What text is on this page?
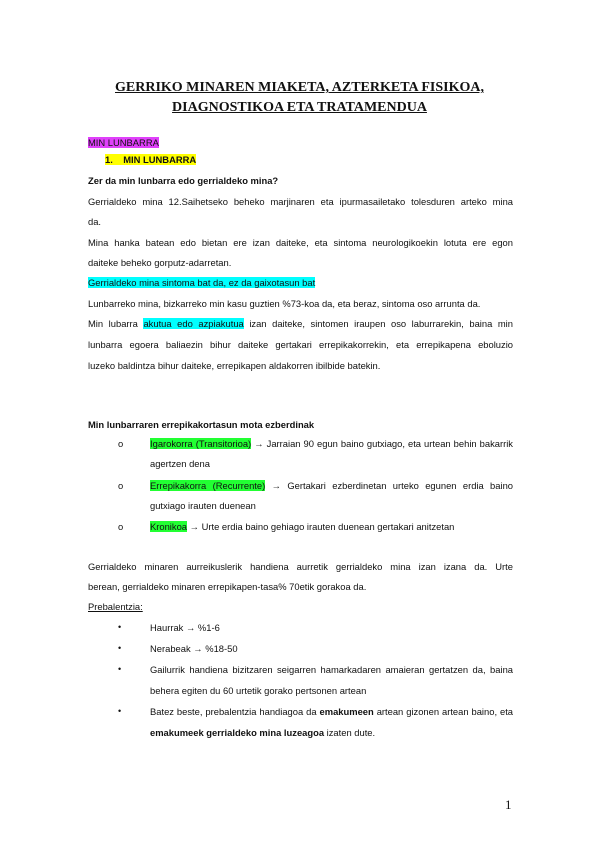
GERRIKO MINAREN MIAKETA, AZTERKETA FISIKOA,
DIAGNOSTIKOA ETA TRATAMENDUA
MIN LUNBARRA
1. MIN LUNBARRA
Zer da min lunbarra edo gerrialdeko mina?
Gerrialdeko mina 12.Saihetseko beheko marjinaren eta ipurmasailetako tolesduren arteko mina
da.
Mina hanka batean edo bietan ere izan daiteke, eta sintoma neurologikoekin lotuta ere egon
daiteke beheko gorputz-adarretan.
Gerrialdeko mina sintoma bat da, ez da gaixotasun bat
Lunbarreko mina, bizkarreko min kasu guztien %73-koa da, eta beraz, sintoma oso arrunta da.
Min lubarra akutua edo azpiakutua izan daiteke, sintomen iraupen oso laburrarekin, baina min
lunbarra egoera baliaezin bihur daiteke gertakari errepikakorrekin, eta errepikapena eboluzio
luzeko baldintza bihur daiteke, errepikapen aldakorren ibilbide batekin.
Min lunbarraren errepikakortasun mota ezberdinak
o	Igarokorra (Transitorioa) → Jarraian 90 egun baino gutxiago, eta urtean behin bakarrik
agertzen dena
o	Errepikakorra (Recurrente) → Gertakari ezberdinetan urteko egunen erdia baino
gutxiago irauten duenean
o	Kronikoa → Urte erdia baino gehiago irauten duenean gertakari anitzetan
Gerrialdeko minaren aurreikuslerik handiena aurretik gerrialdeko mina izan izana da. Urte
berean, gerrialdeko minaren errepikapen-tasa% 70etik gorakoa da.
Prebalentzia:
•	Haurrak → %1-6
•	Nerabeak → %18-50
•	Gailurrik handiena bizitzaren seigarren hamarkadaren amaieran gertatzen da, baina
behera egiten du 60 urtetik gorako pertsonen artean
•	Batez beste, prebalentzia handiagoa da emakumeen artean gizonen artean baino, eta
emakumeek gerrialdeko mina luzeagoa izaten dute.
1
